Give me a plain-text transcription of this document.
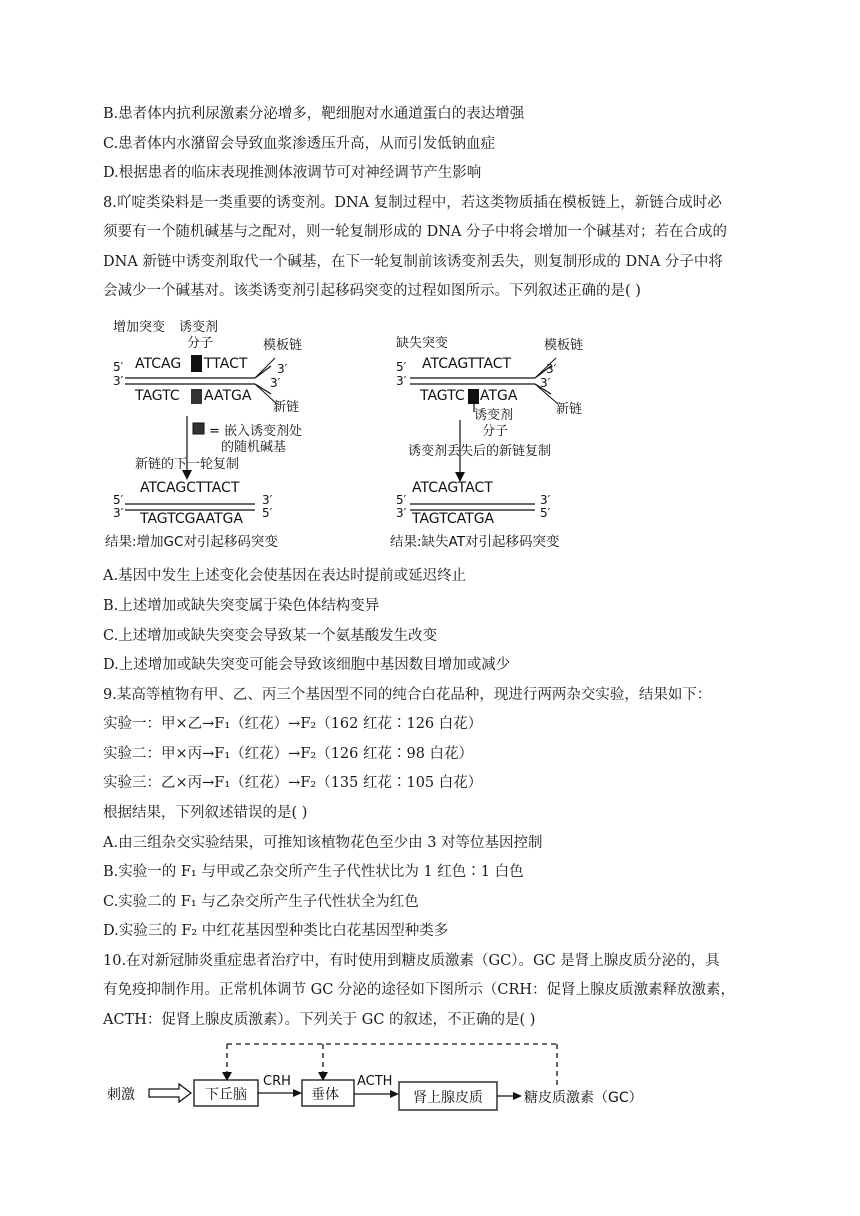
B.患者体内抗利尿激素分泌增多，靶细胞对水通道蛋白的表达增强
C.患者体内水潴留会导致血浆渗透压升高，从而引发低钠血症
D.根据患者的临床表现推测体液调节可对神经调节产生影响
8.吖啶类染料是一类重要的诱变剂。DNA 复制过程中，若这类物质插在模板链上，新链合成时必
须要有一个随机碱基与之配对，则一轮复制形成的 DNA 分子中将会增加一个碱基对；若在合成的
DNA 新链中诱变剂取代一个碱基，在下一轮复制前该诱变剂丢失，则复制形成的 DNA 分子中将
会减少一个碱基对。该类诱变剂引起移码突变的过程如图所示。下列叙述正确的是( )
增加突变 诱变剂
分子	模板链
5′
3′
ATCAG TTACT 3′
3′
TAGTC AATGA
新链
= 嵌入诱变剂处
的随机碱基
新链的下一轮复制
5′
3′
ATCAGCTTACT
3′
5′
TAGTCGAATGA
结果:增加GC对引起移码突变
缺失突变	模板链
5′
3′
ATCAGTTACT	3′
3′
TAGTC ATGA
新链
诱变剂
分子
诱变剂丢失后的新链复制
5′
3′
ATCAGTACT
3′
5′
TAGTCATGA
结果:缺失AT对引起移码突变
A.基因中发生上述变化会使基因在表达时提前或延迟终止
B.上述增加或缺失突变属于染色体结构变异
C.上述增加或缺失突变会导致某一个氨基酸发生改变
D.上述增加或缺失突变可能会导致该细胞中基因数目增加或减少
9.某高等植物有甲、乙、丙三个基因型不同的纯合白花品种，现进行两两杂交实验，结果如下：
实验一：甲×乙→F₁（红花）→F₂（162 红花∶126 白花）
实验二：甲×丙→F₁（红花）→F₂（126 红花∶98 白花）
实验三：乙×丙→F₁（红花）→F₂（135 红花∶105 白花）
根据结果，下列叙述错误的是( )
A.由三组杂交实验结果，可推知该植物花色至少由 3 对等位基因控制
B.实验一的 F₁ 与甲或乙杂交所产生子代性状比为 1 红色∶1 白色
C.实验二的 F₁ 与乙杂交所产生子代性状全为红色
D.实验三的 F₂ 中红花基因型种类比白花基因型种类多
10.在对新冠肺炎重症患者治疗中，有时使用到糖皮质激素（GC）。GC 是肾上腺皮质分泌的，具
有免疫抑制作用。正常机体调节 GC 分泌的途径如下图所示（CRH：促肾上腺皮质激素释放激素，
ACTH：促肾上腺皮质激素）。下列关于 GC 的叙述，不正确的是( )
刺激	下丘脑
CRH
垂体
ACTH
肾上腺皮质	糖皮质激素（GC）
